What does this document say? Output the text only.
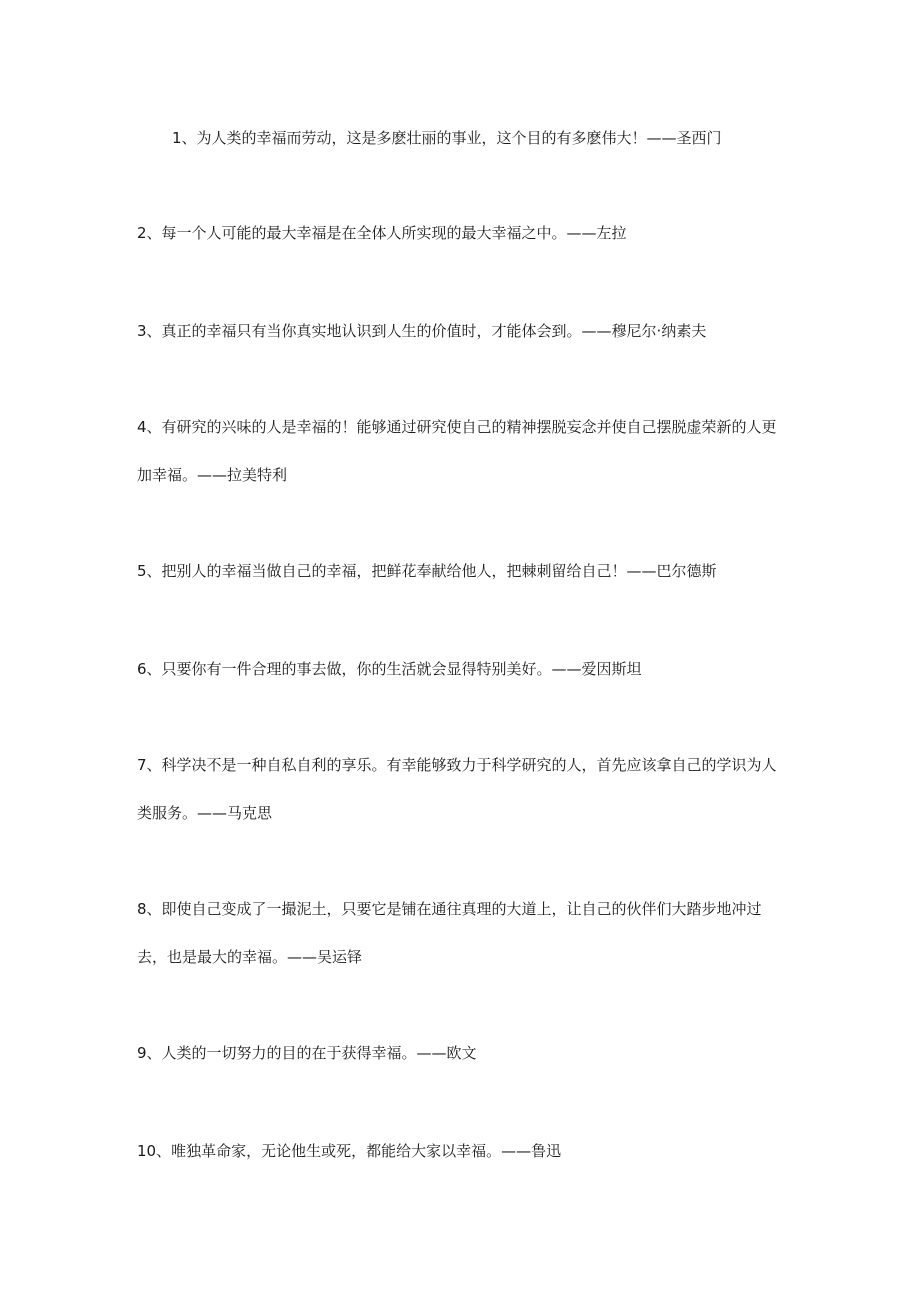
1、为人类的幸福而劳动，这是多麽壮丽的事业，这个目的有多麽伟大！——圣西门

2、每一个人可能的最大幸福是在全体人所实现的最大幸福之中。——左拉

3、真正的幸福只有当你真实地认识到人生的价值时，才能体会到。——穆尼尔·纳素夫

4、有研究的兴味的人是幸福的！能够通过研究使自己的精神摆脱妄念并使自己摆脱虚荣新的人更加幸福。——拉美特利

5、把别人的幸福当做自己的幸福，把鲜花奉献给他人，把棘刺留给自己！——巴尔德斯

6、只要你有一件合理的事去做，你的生活就会显得特别美好。——爱因斯坦

7、科学决不是一种自私自利的享乐。有幸能够致力于科学研究的人，首先应该拿自己的学识为人类服务。——马克思

8、即使自己变成了一撮泥土，只要它是铺在通往真理的大道上，让自己的伙伴们大踏步地冲过去，也是最大的幸福。——吴运铎

9、人类的一切努力的目的在于获得幸福。——欧文

10、唯独革命家，无论他生或死，都能给大家以幸福。——鲁迅
